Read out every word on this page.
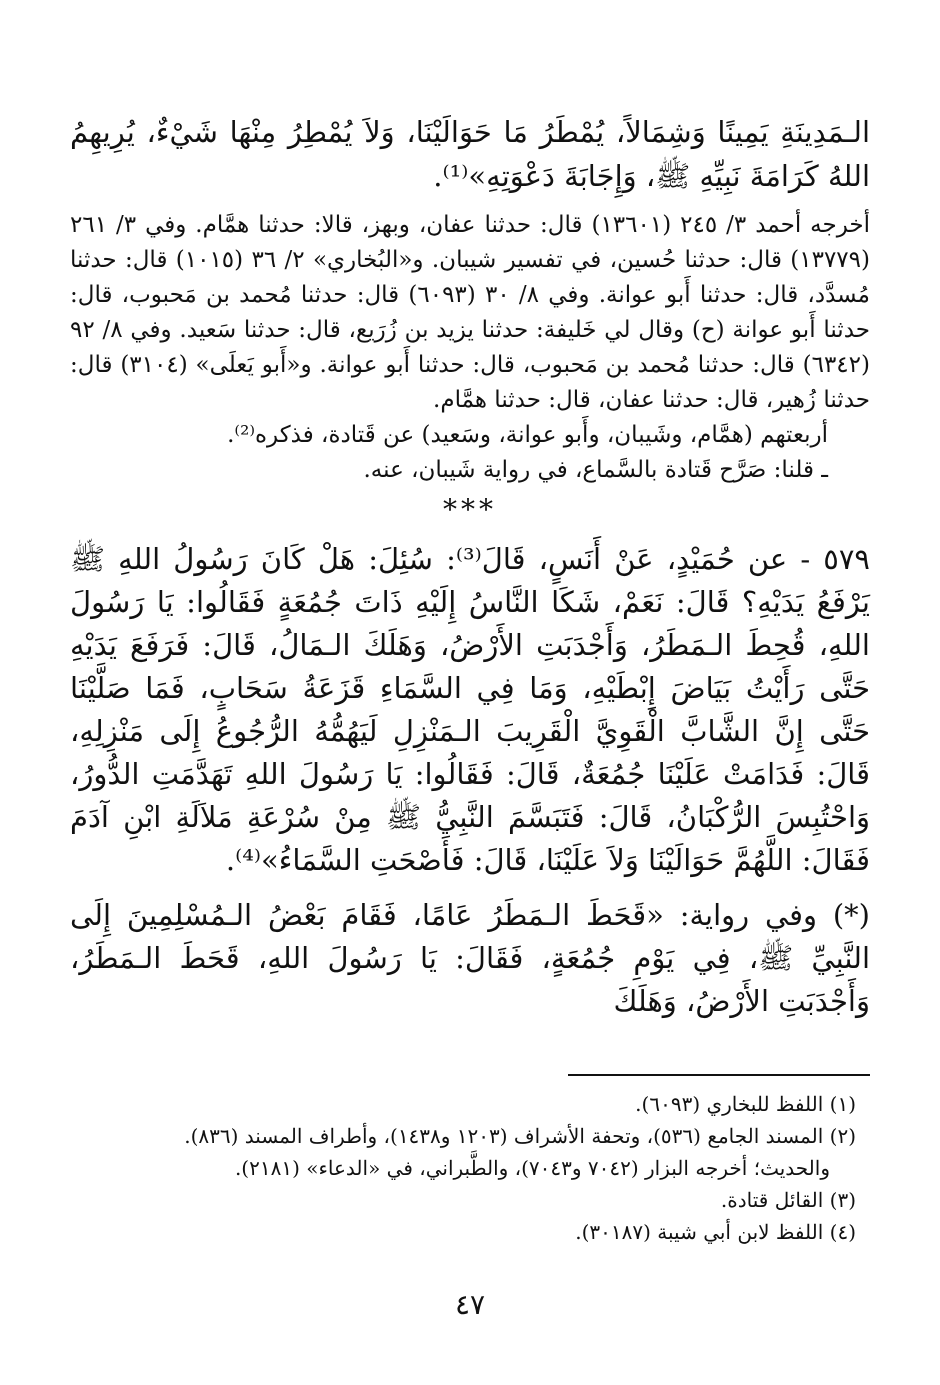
الـمَدِينَةِ يَمِينًا وَشِمَالاً، يُمْطَرُ مَا حَوَالَيْنَا، وَلاَ يُمْطِرُ مِنْهَا شَيْءٌ، يُرِيهِمُ اللهُ كَرَامَةَ نَبِيِّهِ ﷺ، وَإِجَابَةَ دَعْوَتِهِ»⁽¹⁾.

أخرجه أحمد ٣/ ٢٤٥ (١٣٦٠١) قال: حدثنا عفان، وبهز، قالا: حدثنا همَّام. وفي ٣/ ٢٦١ (١٣٧٧٩) قال: حدثنا حُسين، في تفسير شيبان. و«البُخاري» ٢/ ٣٦ (١٠١٥) قال: حدثنا مُسدَّد، قال: حدثنا أَبو عوانة. وفي ٨/ ٣٠ (٦٠٩٣) قال: حدثنا مُحمد بن مَحبوب، قال: حدثنا أَبو عوانة (ح) وقال لي خَليفة: حدثنا يزيد بن زُرَيع، قال: حدثنا سَعيد. وفي ٨/ ٩٢ (٦٣٤٢) قال: حدثنا مُحمد بن مَحبوب، قال: حدثنا أَبو عوانة. و«أَبو يَعلَى» (٣١٠٤) قال: حدثنا زُهير، قال: حدثنا عفان، قال: حدثنا همَّام.

أربعتهم (همَّام، وشَيبان، وأَبو عوانة، وسَعيد) عن قَتادة، فذكره⁽²⁾.

ـ قلنا: صَرَّح قَتادة بالسَّماع، في رواية شَيبان، عنه.

***

٥٧٩ - عن حُمَيْدٍ، عَنْ أَنَسٍ، قَالَ⁽³⁾: سُئِلَ: هَلْ كَانَ رَسُولُ اللهِ ﷺ يَرْفَعُ يَدَيْهِ؟ قَالَ: نَعَمْ، شَكَا النَّاسُ إِلَيْهِ ذَاتَ جُمُعَةٍ فَقَالُوا: يَا رَسُولَ اللهِ، قُحِطَ الـمَطَرُ، وَأَجْدَبَتِ الأَرْضُ، وَهَلَكَ الـمَالُ، قَالَ: فَرَفَعَ يَدَيْهِ حَتَّى رَأَيْتُ بَيَاضَ إِبْطَيْهِ، وَمَا فِي السَّمَاءِ قَزَعَةُ سَحَابٍ، فَمَا صَلَّيْنَا حَتَّى إِنَّ الشَّابَّ الْقَوِيَّ الْقَرِيبَ الـمَنْزِلِ لَيَهُمُّهُ الرُّجُوعُ إِلَى مَنْزِلِهِ، قَالَ: فَدَامَتْ عَلَيْنَا جُمُعَةٌ، قَالَ: فَقَالُوا: يَا رَسُولَ اللهِ تَهَدَّمَتِ الدُّورُ، وَاحْتُبِسَ الرُّكْبَانُ، قَالَ: فَتَبَسَّمَ النَّبِيُّ ﷺ مِنْ سُرْعَةِ مَلاَلَةِ ابْنِ آدَمَ فَقَالَ: اللَّهُمَّ حَوَالَيْنَا وَلاَ عَلَيْنَا، قَالَ: فَأَصْحَتِ السَّمَاءُ»⁽⁴⁾.

(*) وفي رواية: «قَحَطَ الـمَطَرُ عَامًا، فَقَامَ بَعْضُ الـمُسْلِمِينَ إِلَى النَّبِيِّ ﷺ، فِي يَوْمِ جُمُعَةٍ، فَقَالَ: يَا رَسُولَ اللهِ، قَحَطَ الـمَطَرُ، وَأَجْدَبَتِ الأَرْضُ، وَهَلَكَ

(١) اللفظ للبخاري (٦٠٩٣).

(٢) المسند الجامع (٥٣٦)، وتحفة الأشراف (١٢٠٣ و١٤٣٨)، وأطراف المسند (٨٣٦).

والحديث؛ أخرجه البزار (٧٠٤٢ و٧٠٤٣)، والطَّبراني، في «الدعاء» (٢١٨١).

(٣) القائل قتادة.

(٤) اللفظ لابن أبي شيبة (٣٠١٨٧).

٤٧
